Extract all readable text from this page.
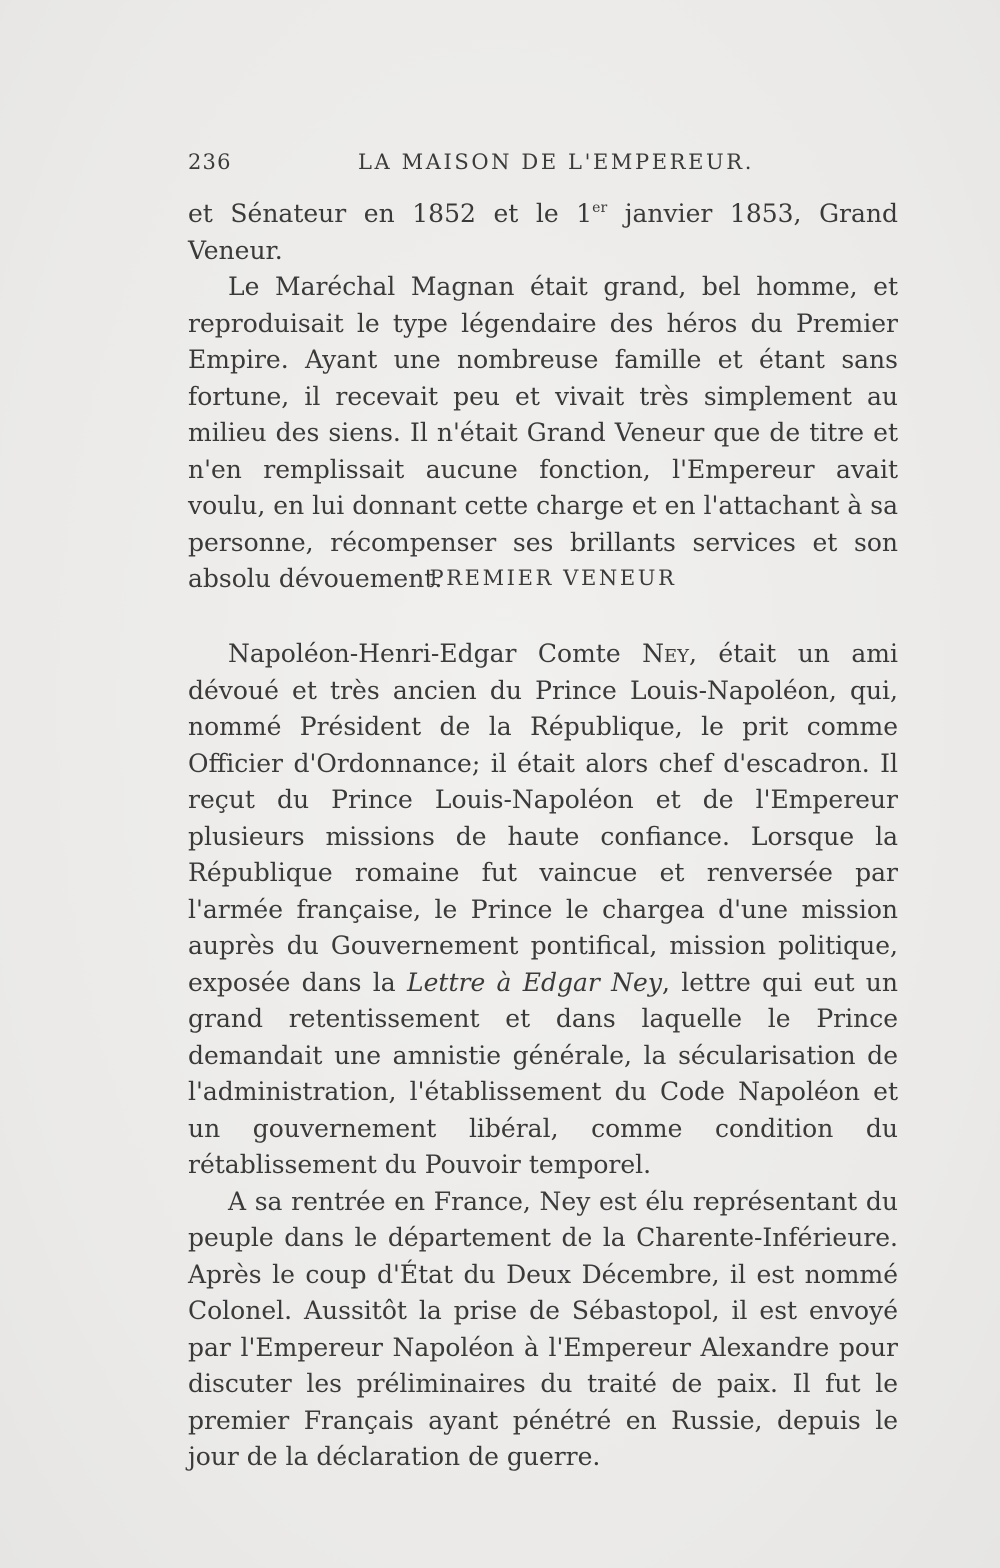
236	LA MAISON DE L'EMPEREUR.

et Sénateur en 1852 et le 1er janvier 1853, Grand Veneur.

Le Maréchal Magnan était grand, bel homme, et reproduisait le type légendaire des héros du Premier Empire. Ayant une nombreuse famille et étant sans fortune, il recevait peu et vivait très simplement au milieu des siens. Il n'était Grand Veneur que de titre et n'en remplissait aucune fonction, l'Empereur avait voulu, en lui donnant cette charge et en l'attachant à sa personne, récompenser ses brillants services et son absolu dévouement.

PREMIER VENEUR

Napoléon-Henri-Edgar Comte Ney, était un ami dévoué et très ancien du Prince Louis-Napoléon, qui, nommé Président de la République, le prit comme Officier d'Ordonnance; il était alors chef d'escadron. Il reçut du Prince Louis-Napoléon et de l'Empereur plusieurs missions de haute confiance. Lorsque la République romaine fut vaincue et renversée par l'armée française, le Prince le chargea d'une mission auprès du Gouvernement pontifical, mission politique, exposée dans la Lettre à Edgar Ney, lettre qui eut un grand retentissement et dans laquelle le Prince demandait une amnistie générale, la sécularisation de l'administration, l'établissement du Code Napoléon et un gouvernement libéral, comme condition du rétablissement du Pouvoir temporel.

A sa rentrée en France, Ney est élu représentant du peuple dans le département de la Charente-Inférieure. Après le coup d'État du Deux Décembre, il est nommé Colonel. Aussitôt la prise de Sébastopol, il est envoyé par l'Empereur Napoléon à l'Empereur Alexandre pour discuter les préliminaires du traité de paix. Il fut le premier Français ayant pénétré en Russie, depuis le jour de la déclaration de guerre.
